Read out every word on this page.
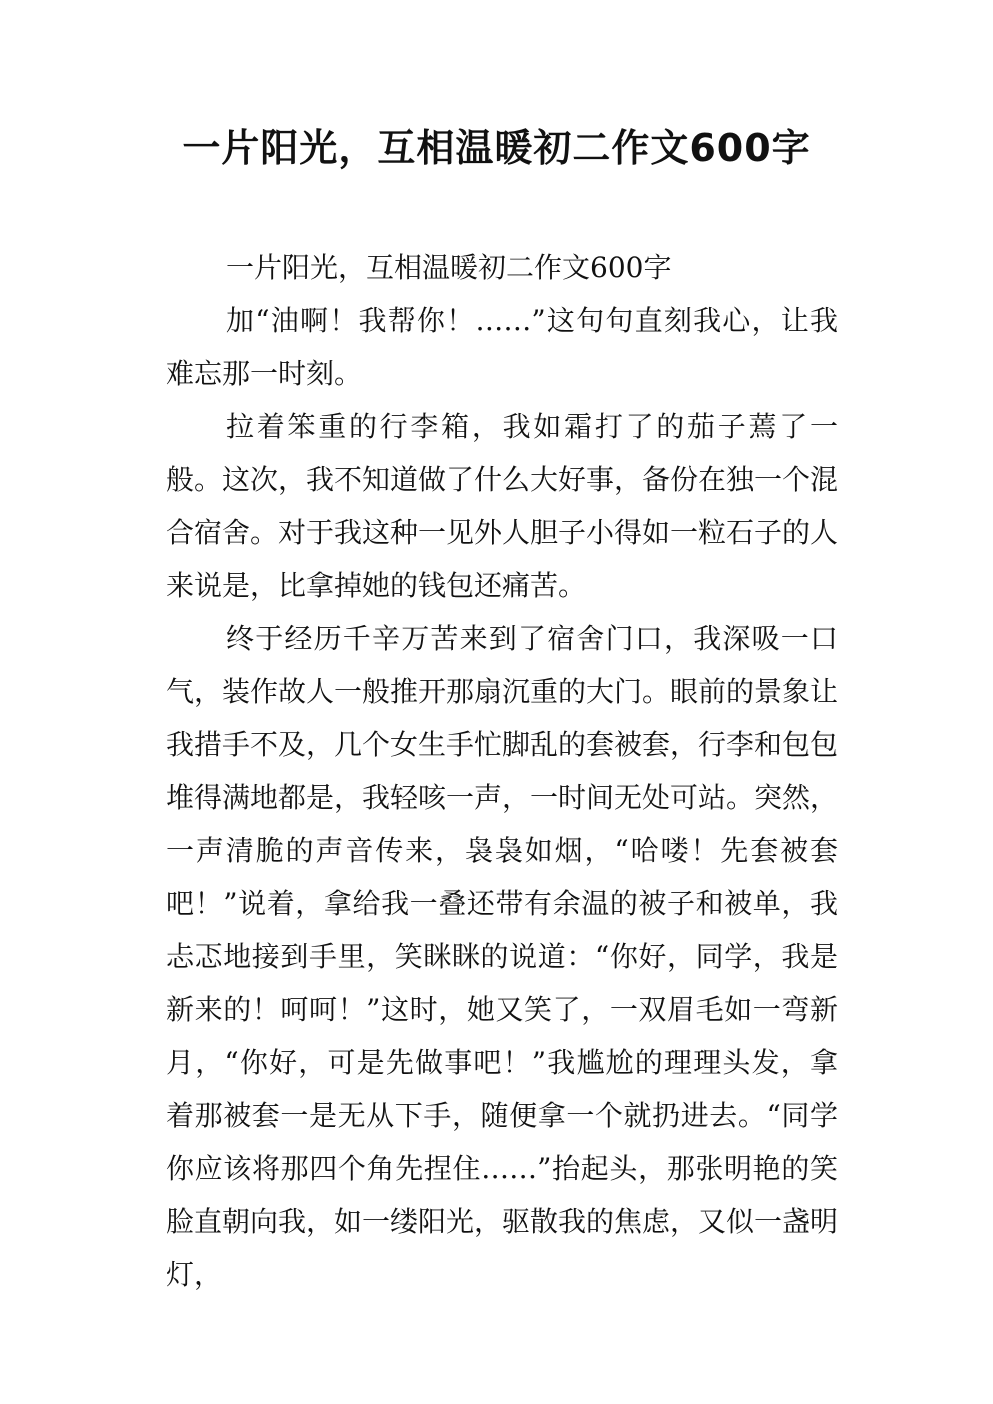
一片阳光，互相温暖初二作文600字

一片阳光，互相温暖初二作文600字

加“油啊！我帮你！……”这句句直刻我心，让我难忘那一时刻。

拉着笨重的行李箱，我如霜打了的茄子蔫了一般。这次，我不知道做了什么大好事，备份在独一个混合宿舍。对于我这种一见外人胆子小得如一粒石子的人来说是，比拿掉她的钱包还痛苦。

终于经历千辛万苦来到了宿舍门口，我深吸一口气，装作故人一般推开那扇沉重的大门。眼前的景象让我措手不及，几个女生手忙脚乱的套被套，行李和包包堆得满地都是，我轻咳一声，一时间无处可站。突然，一声清脆的声音传来，袅袅如烟，“哈喽！先套被套吧！”说着，拿给我一叠还带有余温的被子和被单，我忐忑地接到手里，笑眯眯的说道：“你好，同学，我是新来的！呵呵！”这时，她又笑了，一双眉毛如一弯新月，“你好，可是先做事吧！”我尴尬的理理头发，拿着那被套一是无从下手，随便拿一个就扔进去。“同学你应该将那四个角先捏住……”抬起头，那张明艳的笑脸直朝向我，如一缕阳光，驱散我的焦虑，又似一盏明灯，
